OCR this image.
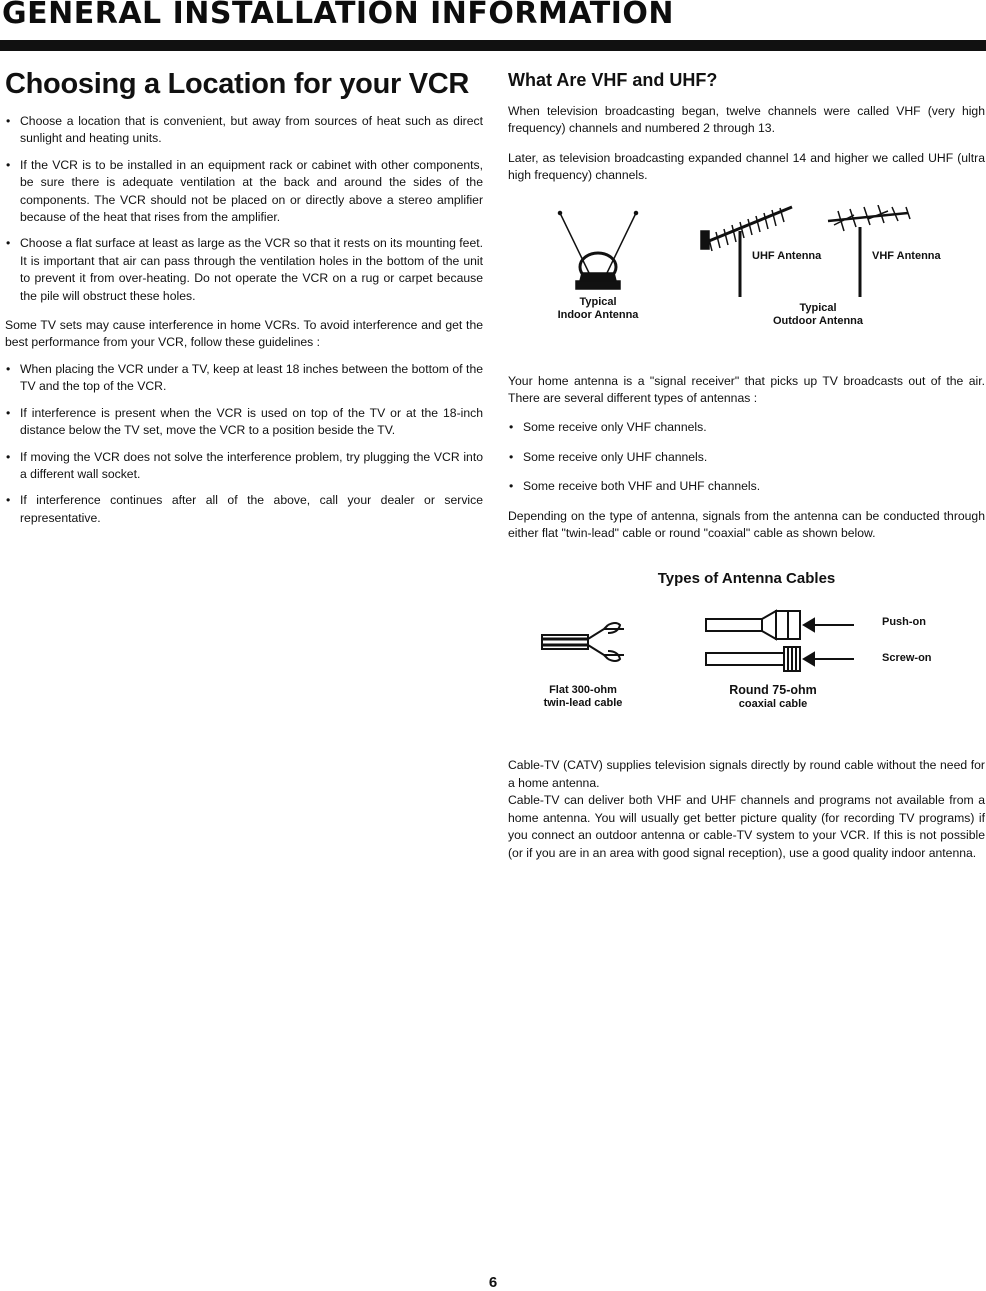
GENERAL INSTALLATION INFORMATION
Choosing a Location for your VCR
• Choose a location that is convenient, but away from sources of heat such as direct sunlight and heating units.
• If the VCR is to be installed in an equipment rack or cabinet with other components, be sure there is adequate ventilation at the back and around the sides of the components. The VCR should not be placed on or directly above a stereo amplifier because of the heat that rises from the amplifier.
• Choose a flat surface at least as large as the VCR so that it rests on its mounting feet. It is important that air can pass through the ventilation holes in the bottom of the unit to prevent it from over-heating. Do not operate the VCR on a rug or carpet because the pile will obstruct these holes.

Some TV sets may cause interference in home VCRs. To avoid interference and get the best performance from your VCR, follow these guidelines :

• When placing the VCR under a TV, keep at least 18 inches between the bottom of the TV and the top of the VCR.
• If interference is present when the VCR is used on top of the TV or at the 18-inch distance below the TV set, move the VCR to a position beside the TV.
• If moving the VCR does not solve the interference problem, try plugging the VCR into a different wall socket.
• If interference continues after all of the above, call your dealer or service representative.
What Are VHF and UHF?

When television broadcasting began, twelve channels were called VHF (very high frequency) channels and numbered 2 through 13.

Later, as television broadcasting expanded channel 14 and higher we called UHF (ultra high frequency) channels.

UHF Antenna	VHF Antenna
Typical
Indoor Antenna
Typical
Outdoor Antenna

Your home antenna is a "signal receiver" that picks up TV broadcasts out of the air. There are several different types of antennas :

• Some receive only VHF channels.
• Some receive only UHF channels.
• Some receive both VHF and UHF channels.

Depending on the type of antenna, signals from the antenna can be conducted through either flat "twin-lead" cable or round "coaxial" cable as shown below.

Types of Antenna Cables
Push-on
Screw-on
Flat 300-ohm
twin-lead cable
Round 75-ohm
coaxial cable

Cable-TV (CATV) supplies television signals directly by round cable without the need for a home antenna.

Cable-TV can deliver both VHF and UHF channels and programs not available from a home antenna. You will usually get better picture quality (for recording TV programs) if you connect an outdoor antenna or cable-TV system to your VCR. If this is not possible (or if you are in an area with good signal reception), use a good quality indoor antenna.

6
